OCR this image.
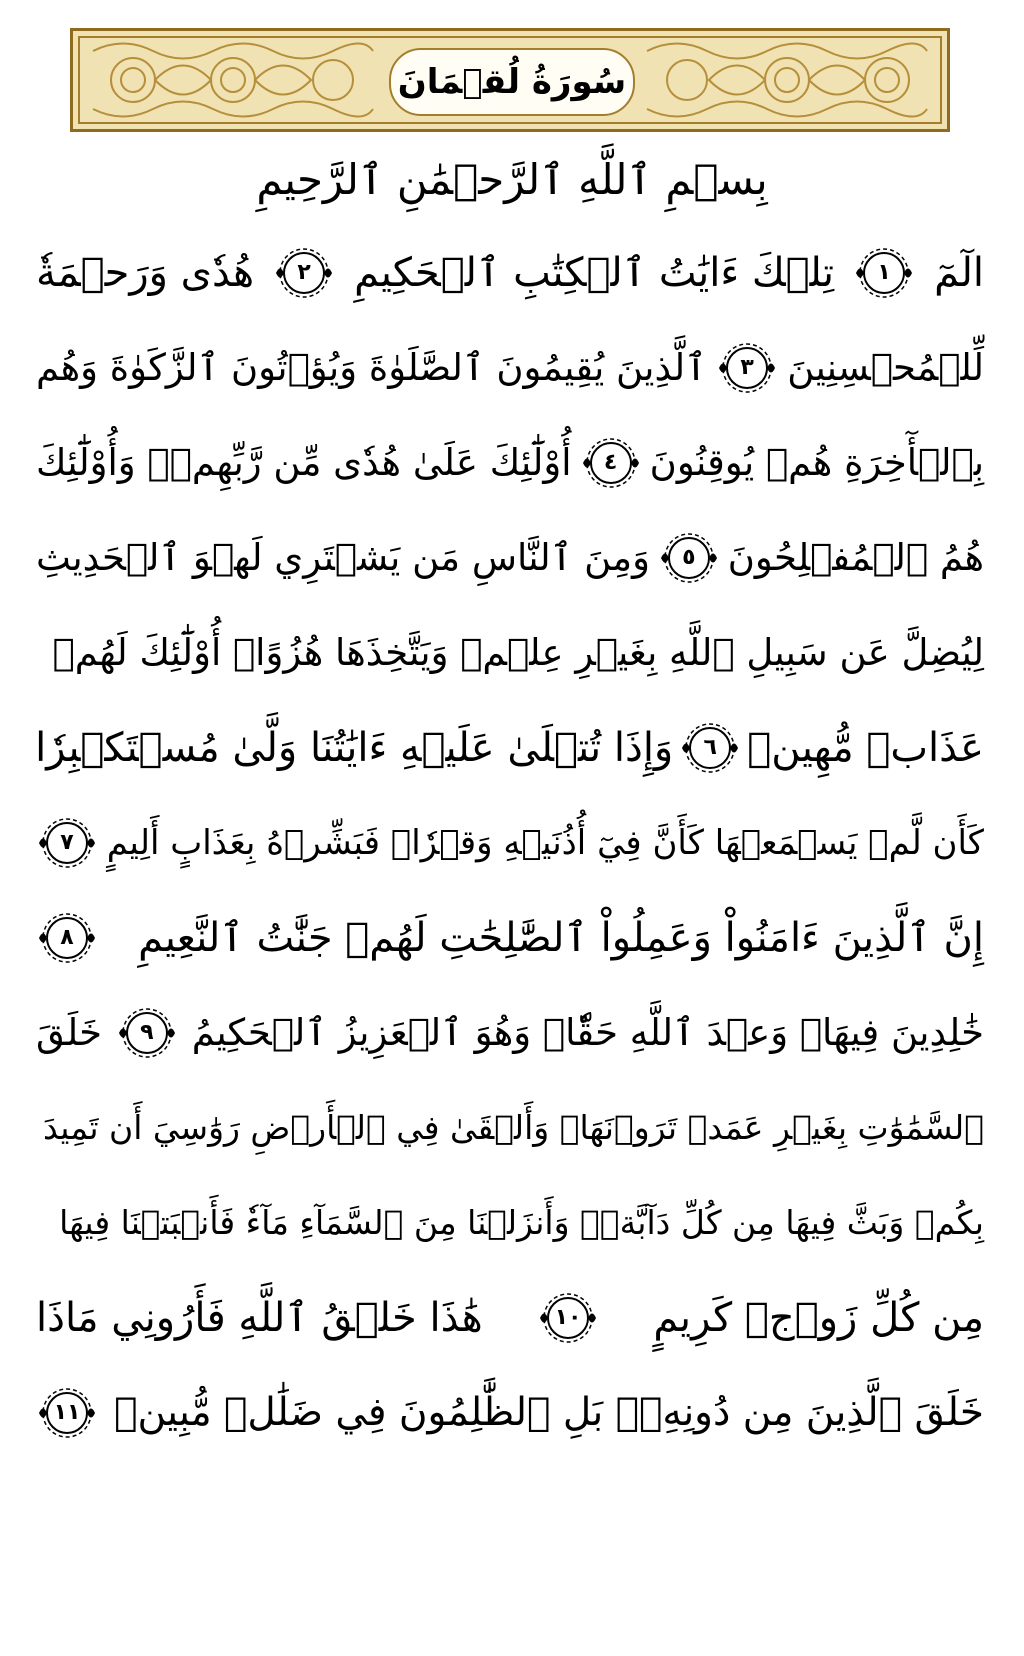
سُورَةُ لُقۡمَانَ
بِسۡمِ ٱللَّهِ ٱلرَّحۡمَٰنِ ٱلرَّحِيمِ
الٓمٓ
١
تِلۡكَ ءَايَٰتُ ٱلۡكِتَٰبِ ٱلۡحَكِيمِ
٢
هُدٗى وَرَحۡمَةٗ
لِّلۡمُحۡسِنِينَ
٣
ٱلَّذِينَ يُقِيمُونَ ٱلصَّلَوٰةَ وَيُؤۡتُونَ ٱلزَّكَوٰةَ وَهُم
بِٱلۡأٓخِرَةِ هُمۡ يُوقِنُونَ
٤
أُوْلَٰٓئِكَ عَلَىٰ هُدٗى مِّن رَّبِّهِمۡۖ وَأُوْلَٰٓئِكَ
هُمُ ٱلۡمُفۡلِحُونَ
٥
وَمِنَ ٱلنَّاسِ مَن يَشۡتَرِي لَهۡوَ ٱلۡحَدِيثِ
لِيُضِلَّ عَن سَبِيلِ ٱللَّهِ بِغَيۡرِ عِلۡمٖ وَيَتَّخِذَهَا هُزُوًاۚ أُوْلَٰٓئِكَ لَهُمۡ
عَذَابٞ مُّهِينٞ
٦
وَإِذَا تُتۡلَىٰ عَلَيۡهِ ءَايَٰتُنَا وَلَّىٰ مُسۡتَكۡبِرٗا
كَأَن لَّمۡ يَسۡمَعۡهَا كَأَنَّ فِيٓ أُذُنَيۡهِ وَقۡرٗاۖ فَبَشِّرۡهُ بِعَذَابٍ أَلِيمٍ
٧
إِنَّ ٱلَّذِينَ ءَامَنُواْ وَعَمِلُواْ ٱلصَّٰلِحَٰتِ لَهُمۡ جَنَّٰتُ ٱلنَّعِيمِ
٨
خَٰلِدِينَ فِيهَاۖ وَعۡدَ ٱللَّهِ حَقّٗاۚ وَهُوَ ٱلۡعَزِيزُ ٱلۡحَكِيمُ
٩
خَلَقَ
ٱلسَّمَٰوَٰتِ بِغَيۡرِ عَمَدٖ تَرَوۡنَهَاۖ وَأَلۡقَىٰ فِي ٱلۡأَرۡضِ رَوَٰسِيَ أَن تَمِيدَ
بِكُمۡ وَبَثَّ فِيهَا مِن كُلِّ دَآبَّةٖۚ وَأَنزَلۡنَا مِنَ ٱلسَّمَآءِ مَآءٗ فَأَنۢبَتۡنَا فِيهَا
مِن كُلِّ زَوۡجٖ كَرِيمٍ
١٠
هَٰذَا خَلۡقُ ٱللَّهِ فَأَرُونِي مَاذَا
خَلَقَ ٱلَّذِينَ مِن دُونِهِۦۚ بَلِ ٱلظَّٰلِمُونَ فِي ضَلَٰلٖ مُّبِينٖ
١١
